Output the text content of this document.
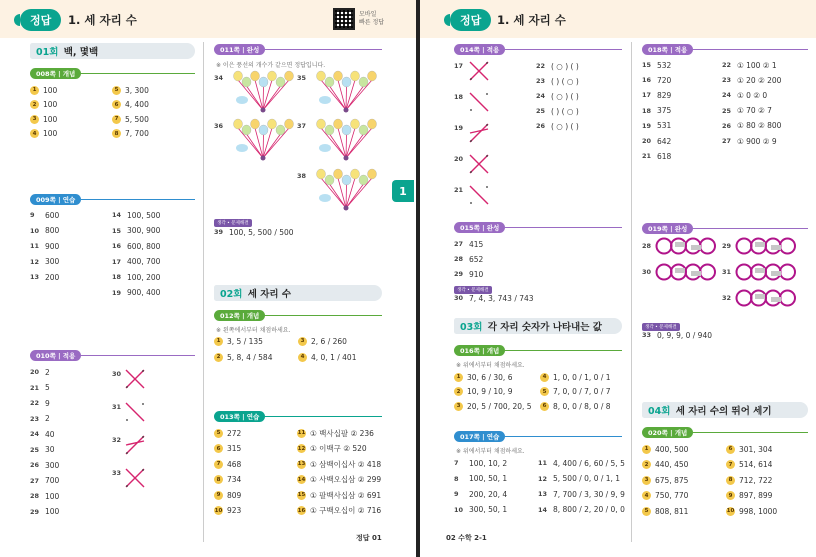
정답	1. 세 자리 수	모바일
빠른 정답
01회
백, 몇백
008쪽 | 개념
1 100	5 3, 300
2 100	6 4, 400
3 100	7 5, 500
4 100	8 7, 700
009쪽 | 연습
9	600
10 800
11 900
12 300
13 200
14 100, 500
15 300, 900
16 600, 800
17 400, 700
18 100, 200
19 900, 400
010쪽 | 적용
20 2
21 5
22 9
23 2
24 40
25 30
26 300
27 700
28 100
29 100
30
31
32
33
011쪽 | 완성
※ 이은 풍선의 개수가 같으면 정답입니다.
34	35
36	37
38
생각 • 문제해결
39 100, 5, 500 / 500
02회
세 자리 수
012쪽 | 개념
※ 왼쪽에서부터 채점하세요.
1 3, 5 / 135	3 2, 6 / 260
2 5, 8, 4 / 584	4 4, 0, 1 / 401
013쪽 | 연습
5 272
6 315
7 468
8 734
9 809
10 923
11 ① 백사십팔 ② 236
12 ① 이백구 ② 520
13 ① 삼백이십사 ② 418
14 ① 사백오십삼 ② 299
15 ① 팔백사십삼 ② 691
16 ① 구백오십이 ② 716
정답 01
1
정답	1. 세 자리 수
014쪽 | 적용
17
18
19
20
21
22 ( ○ ) ( )
23 ( ) ( ○ )
24 ( ○ ) ( )
25 ( ) ( ○ )
26 ( ○ ) ( )
015쪽 | 완성
27 415
28 652
29 910
생각 • 문제해결
30 7, 4, 3, 743 / 743
03회
각 자리 숫자가 나타내는 값
016쪽 | 개념
※ 위에서부터 채점하세요.
1 30, 6 / 30, 6	4 1, 0, 0 / 1, 0 / 1
2 10, 9 / 10, 9	5 7, 0, 0 / 7, 0 / 7
3 20, 5 / 700, 20, 5	6 8, 0, 0 / 8, 0 / 8
017쪽 | 연습
※ 위에서부터 채점하세요.
7	100, 10, 2
8	100, 50, 1
9	200, 20, 4
10 300, 50, 1
11 4, 400 / 6, 60 / 5, 5
12 5, 500 / 0, 0 / 1, 1
13 7, 700 / 3, 30 / 9, 9
14 8, 800 / 2, 20 / 0, 0
018쪽 | 적용
15 532
16 720
17 829
18 375
19 531
20 642
21 618
22 ① 100 ② 1
23 ① 20 ② 200
24 ① 0 ② 0
25 ① 70 ② 7
26 ① 80 ② 800
27 ① 900 ② 9
019쪽 | 완성
28	29
30	31
32
생각 • 문제해결
33 0, 9, 9, 0 / 940
04회
세 자리 수의 뛰어 세기
020쪽 | 개념
1 400, 500	6 301, 304
2 440, 450	7 514, 614
3 675, 875	8 712, 722
4 750, 770	9 897, 899
5 808, 811	10 998, 1000
02 수학 2-1
